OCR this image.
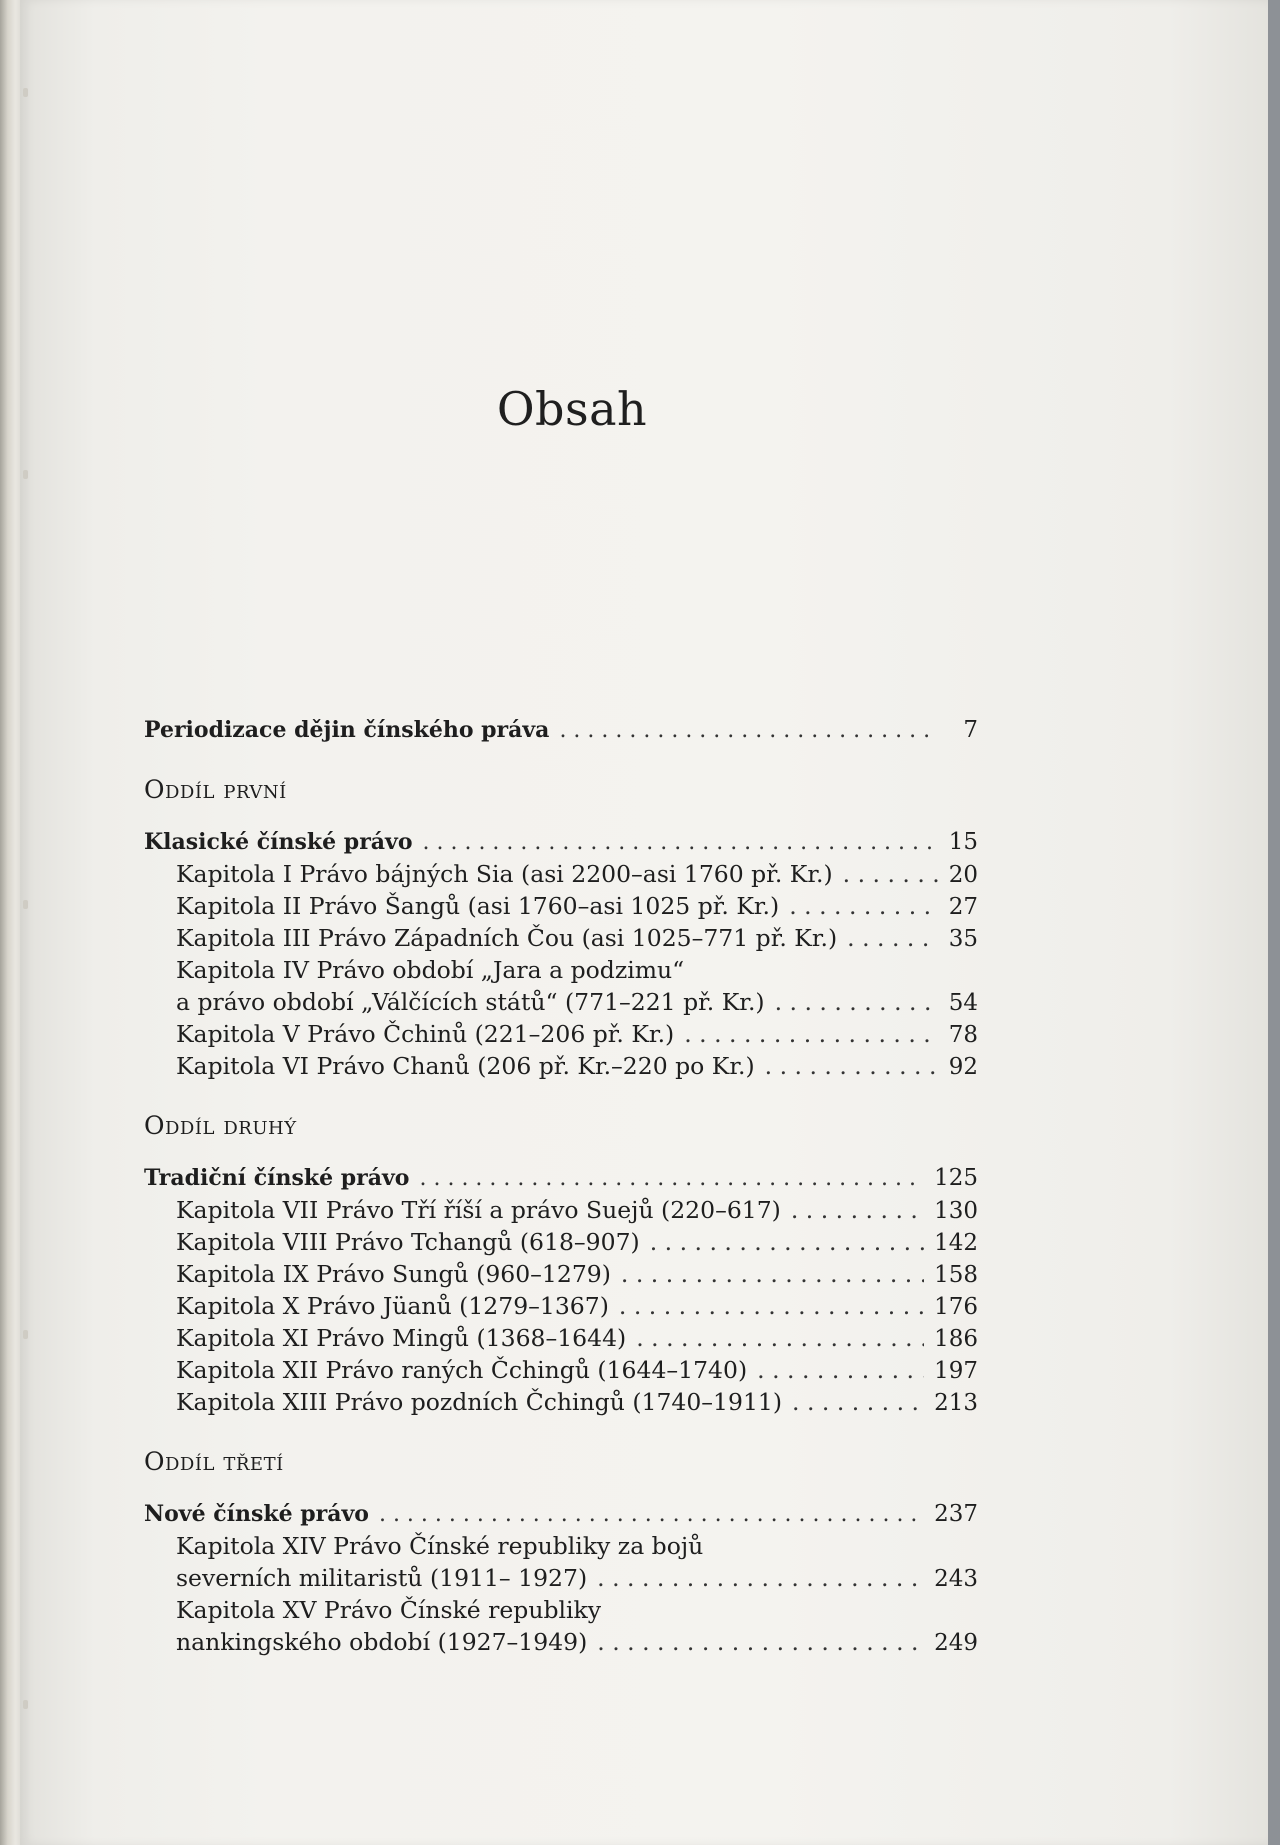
Obsah
Periodizace dějin čínského práva . . .	7
Oddíl první
Klasické čínské právo . . .	15
Kapitola I Právo bájných Sia (asi 2200–asi 1760 př. Kr.) . . .	20
Kapitola II Právo Šangů (asi 1760–asi 1025 př. Kr.) . . .	27
Kapitola III Právo Západních Čou (asi 1025–771 př. Kr.) . . .	35
Kapitola IV Právo období „Jara a podzimu“
a právo období „Válčících států“ (771–221 př. Kr.) . . .	54
Kapitola V Právo Čchinů (221–206 př. Kr.) . . .	78
Kapitola VI Právo Chanů (206 př. Kr.–220 po Kr.) . . .	92
Oddíl druhý
Tradiční čínské právo . . .	125
Kapitola VII Právo Tří říší a právo Suejů (220–617) . . .	130
Kapitola VIII Právo Tchangů (618–907) . . .	142
Kapitola IX Právo Sungů (960–1279) . . .	158
Kapitola X Právo Jüanů (1279–1367) . . .	176
Kapitola XI Právo Mingů (1368–1644) . . .	186
Kapitola XII Právo raných Čchingů (1644–1740) . . .	197
Kapitola XIII Právo pozdních Čchingů (1740–1911) . . .	213
Oddíl třetí
Nové čínské právo . . .	237
Kapitola XIV Právo Čínské republiky za bojů
severních militaristů (1911– 1927) . . .	243
Kapitola XV Právo Čínské republiky
nankingského období (1927–1949) . . .	249
